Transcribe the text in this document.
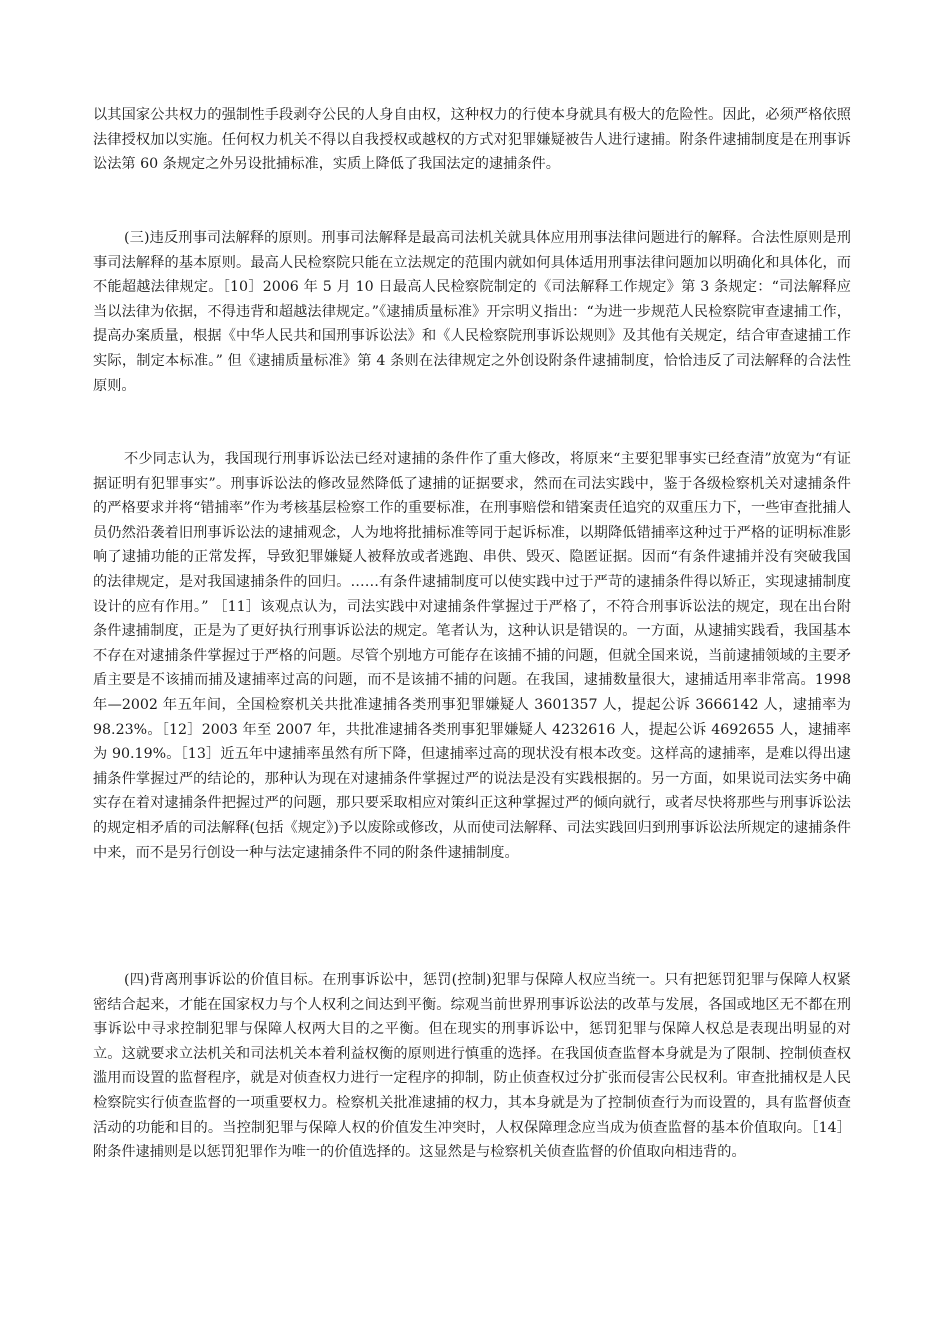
以其国家公共权力的强制性手段剥夺公民的人身自由权，这种权力的行使本身就具有极大的危险性。因此，必须严格依照法律授权加以实施。任何权力机关不得以自我授权或越权的方式对犯罪嫌疑被告人进行逮捕。附条件逮捕制度是在刑事诉讼法第 60 条规定之外另设批捕标准，实质上降低了我国法定的逮捕条件。
(三)违反刑事司法解释的原则。刑事司法解释是最高司法机关就具体应用刑事法律问题进行的解释。合法性原则是刑事司法解释的基本原则。最高人民检察院只能在立法规定的范围内就如何具体适用刑事法律问题加以明确化和具体化，而不能超越法律规定。［10］2006 年 5 月 10 日最高人民检察院制定的《司法解释工作规定》第 3 条规定：“司法解释应当以法律为依据，不得违背和超越法律规定。”《逮捕质量标准》开宗明义指出：“为进一步规范人民检察院审查逮捕工作，提高办案质量，根据《中华人民共和国刑事诉讼法》和《人民检察院刑事诉讼规则》及其他有关规定，结合审查逮捕工作实际，制定本标准。” 但《逮捕质量标准》第 4 条则在法律规定之外创设附条件逮捕制度，恰恰违反了司法解释的合法性原则。
不少同志认为，我国现行刑事诉讼法已经对逮捕的条件作了重大修改，将原来“主要犯罪事实已经查清”放宽为“有证据证明有犯罪事实”。刑事诉讼法的修改显然降低了逮捕的证据要求，然而在司法实践中，鉴于各级检察机关对逮捕条件的严格要求并将“错捕率”作为考核基层检察工作的重要标准，在刑事赔偿和错案责任追究的双重压力下，一些审查批捕人员仍然沿袭着旧刑事诉讼法的逮捕观念，人为地将批捕标准等同于起诉标准，以期降低错捕率这种过于严格的证明标准影响了逮捕功能的正常发挥，导致犯罪嫌疑人被释放或者逃跑、串供、毁灭、隐匿证据。因而“有条件逮捕并没有突破我国的法律规定，是对我国逮捕条件的回归。……有条件逮捕制度可以使实践中过于严苛的逮捕条件得以矫正，实现逮捕制度设计的应有作用。” ［11］该观点认为，司法实践中对逮捕条件掌握过于严格了，不符合刑事诉讼法的规定，现在出台附条件逮捕制度，正是为了更好执行刑事诉讼法的规定。笔者认为，这种认识是错误的。一方面，从逮捕实践看，我国基本不存在对逮捕条件掌握过于严格的问题。尽管个别地方可能存在该捕不捕的问题，但就全国来说，当前逮捕领域的主要矛盾主要是不该捕而捕及逮捕率过高的问题，而不是该捕不捕的问题。在我国，逮捕数量很大，逮捕适用率非常高。1998 年—2002 年五年间，全国检察机关共批准逮捕各类刑事犯罪嫌疑人 3601357 人，提起公诉 3666142 人，逮捕率为 98.23%。［12］2003 年至 2007 年，共批准逮捕各类刑事犯罪嫌疑人 4232616 人，提起公诉 4692655 人，逮捕率为 90.19%。［13］近五年中逮捕率虽然有所下降，但逮捕率过高的现状没有根本改变。这样高的逮捕率，是难以得出逮捕条件掌握过严的结论的，那种认为现在对逮捕条件掌握过严的说法是没有实践根据的。另一方面，如果说司法实务中确实存在着对逮捕条件把握过严的问题，那只要采取相应对策纠正这种掌握过严的倾向就行，或者尽快将那些与刑事诉讼法的规定相矛盾的司法解释(包括《规定》)予以废除或修改，从而使司法解释、司法实践回归到刑事诉讼法所规定的逮捕条件中来，而不是另行创设一种与法定逮捕条件不同的附条件逮捕制度。
(四)背离刑事诉讼的价值目标。在刑事诉讼中，惩罚(控制)犯罪与保障人权应当统一。只有把惩罚犯罪与保障人权紧密结合起来，才能在国家权力与个人权利之间达到平衡。综观当前世界刑事诉讼法的改革与发展，各国或地区无不都在刑事诉讼中寻求控制犯罪与保障人权两大目的之平衡。但在现实的刑事诉讼中，惩罚犯罪与保障人权总是表现出明显的对立。这就要求立法机关和司法机关本着利益权衡的原则进行慎重的选择。在我国侦查监督本身就是为了限制、控制侦查权滥用而设置的监督程序，就是对侦查权力进行一定程序的抑制，防止侦查权过分扩张而侵害公民权利。审查批捕权是人民检察院实行侦查监督的一项重要权力。检察机关批准逮捕的权力，其本身就是为了控制侦查行为而设置的，具有监督侦查活动的功能和目的。当控制犯罪与保障人权的价值发生冲突时，人权保障理念应当成为侦查监督的基本价值取向。［14］附条件逮捕则是以惩罚犯罪作为唯一的价值选择的。这显然是与检察机关侦查监督的价值取向相违背的。
